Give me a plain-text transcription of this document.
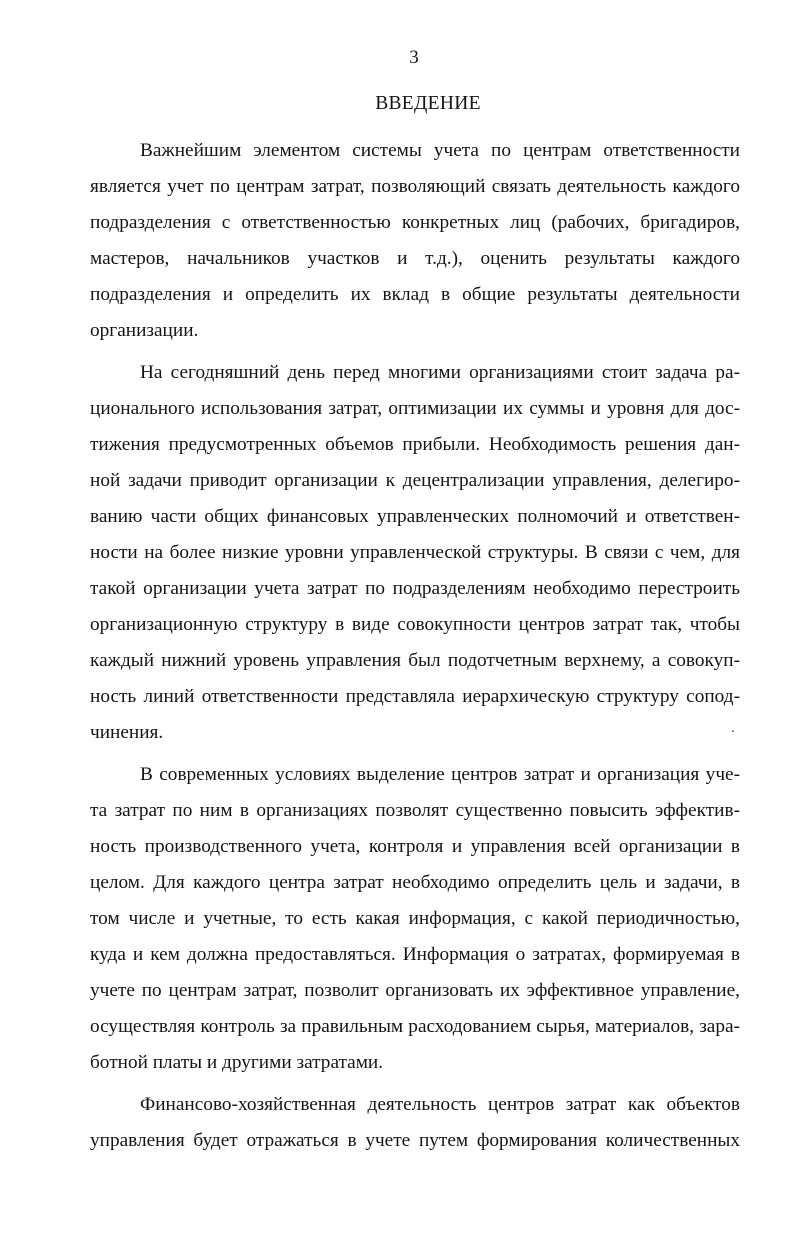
3
ВВЕДЕНИЕ
Важнейшим элементом системы учета по центрам ответственности
является учет по центрам затрат, позволяющий связать деятельность каждого
подразделения с ответственностью конкретных лиц (рабочих, бригадиров,
мастеров, начальников участков и т.д.), оценить результаты каждого
подразделения и определить их вклад в общие результаты деятельности
организации.
На сегодняшний день перед многими организациями стоит задача ра-
ционального использования затрат, оптимизации их суммы и уровня для дос-
тижения предусмотренных объемов прибыли. Необходимость решения дан-
ной задачи приводит организации к децентрализации управления, делегиро-
ванию части общих финансовых управленческих полномочий и ответствен-
ности на более низкие уровни управленческой структуры. В связи с чем, для
такой организации учета затрат по подразделениям необходимо перестроить
организационную структуру в виде совокупности центров затрат так, чтобы
каждый нижний уровень управления был подотчетным верхнему, а совокуп-
ность линий ответственности представляла иерархическую структуру сопод-
чинения.
В современных условиях выделение центров затрат и организация уче-
та затрат по ним в организациях позволят существенно повысить эффектив-
ность производственного учета, контроля и управления всей организации в
целом. Для каждого центра затрат необходимо определить цель и задачи, в
том числе и учетные, то есть какая информация, с какой периодичностью,
куда и кем должна предоставляться. Информация о затратах, формируемая в
учете по центрам затрат, позволит организовать их эффективное управление,
осуществляя контроль за правильным расходованием сырья, материалов, зара-
ботной платы и другими затратами.
Финансово-хозяйственная деятельность центров затрат как объектов
управления будет отражаться в учете путем формирования количественных
